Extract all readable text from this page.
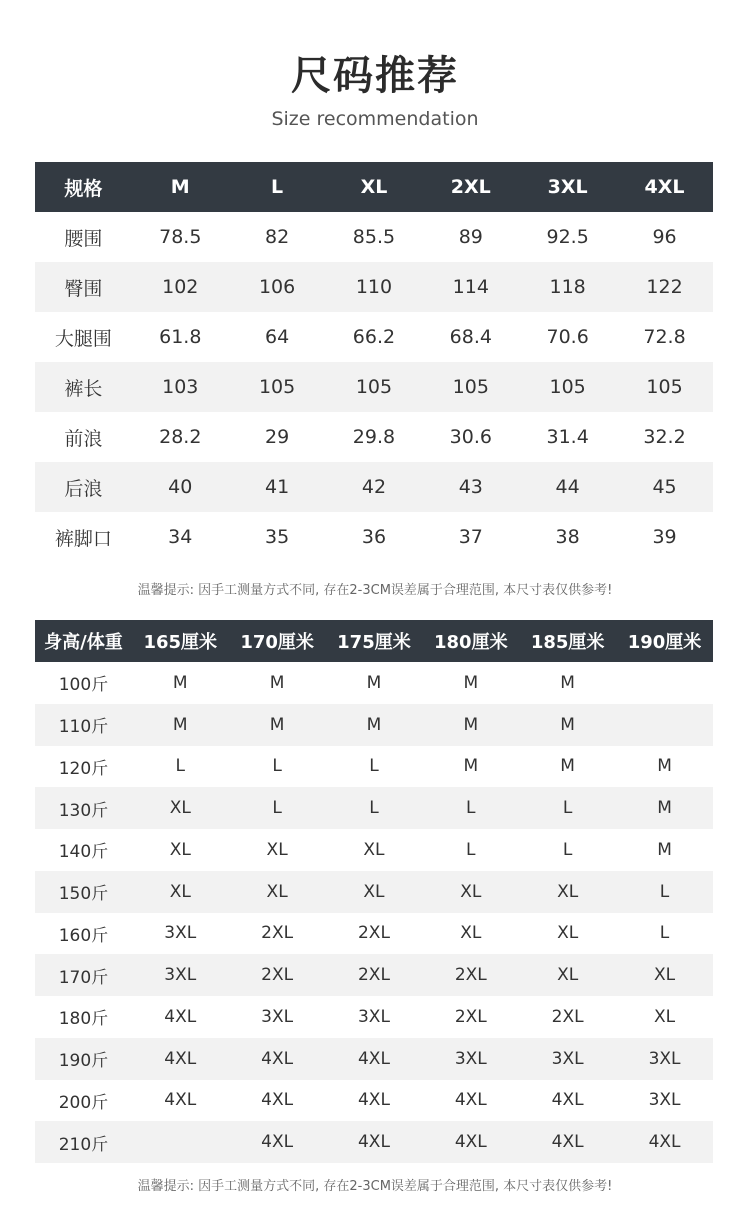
尺码推荐
Size recommendation
规格	M	L	XL	2XL	3XL	4XL
腰围	78.5	82	85.5	89	92.5	96
臀围	102	106	110	114	118	122
大腿围	61.8	64	66.2	68.4	70.6	72.8
裤长	103	105	105	105	105	105
前浪	28.2	29	29.8	30.6	31.4	32.2
后浪	40	41	42	43	44	45
裤脚口	34	35	36	37	38	39
温馨提示: 因手工测量方式不同, 存在2-3CM误差属于合理范围, 本尺寸表仅供参考!
身高/体重	165厘米	170厘米	175厘米	180厘米	185厘米	190厘米
100斤	M	M	M	M	M	
110斤	M	M	M	M	M	
120斤	L	L	L	M	M	M
130斤	XL	L	L	L	L	M
140斤	XL	XL	XL	L	L	M
150斤	XL	XL	XL	XL	XL	L
160斤	3XL	2XL	2XL	XL	XL	L
170斤	3XL	2XL	2XL	2XL	XL	XL
180斤	4XL	3XL	3XL	2XL	2XL	XL
190斤	4XL	4XL	4XL	3XL	3XL	3XL
200斤	4XL	4XL	4XL	4XL	4XL	3XL
210斤		4XL	4XL	4XL	4XL	4XL
温馨提示: 因手工测量方式不同, 存在2-3CM误差属于合理范围, 本尺寸表仅供参考!
